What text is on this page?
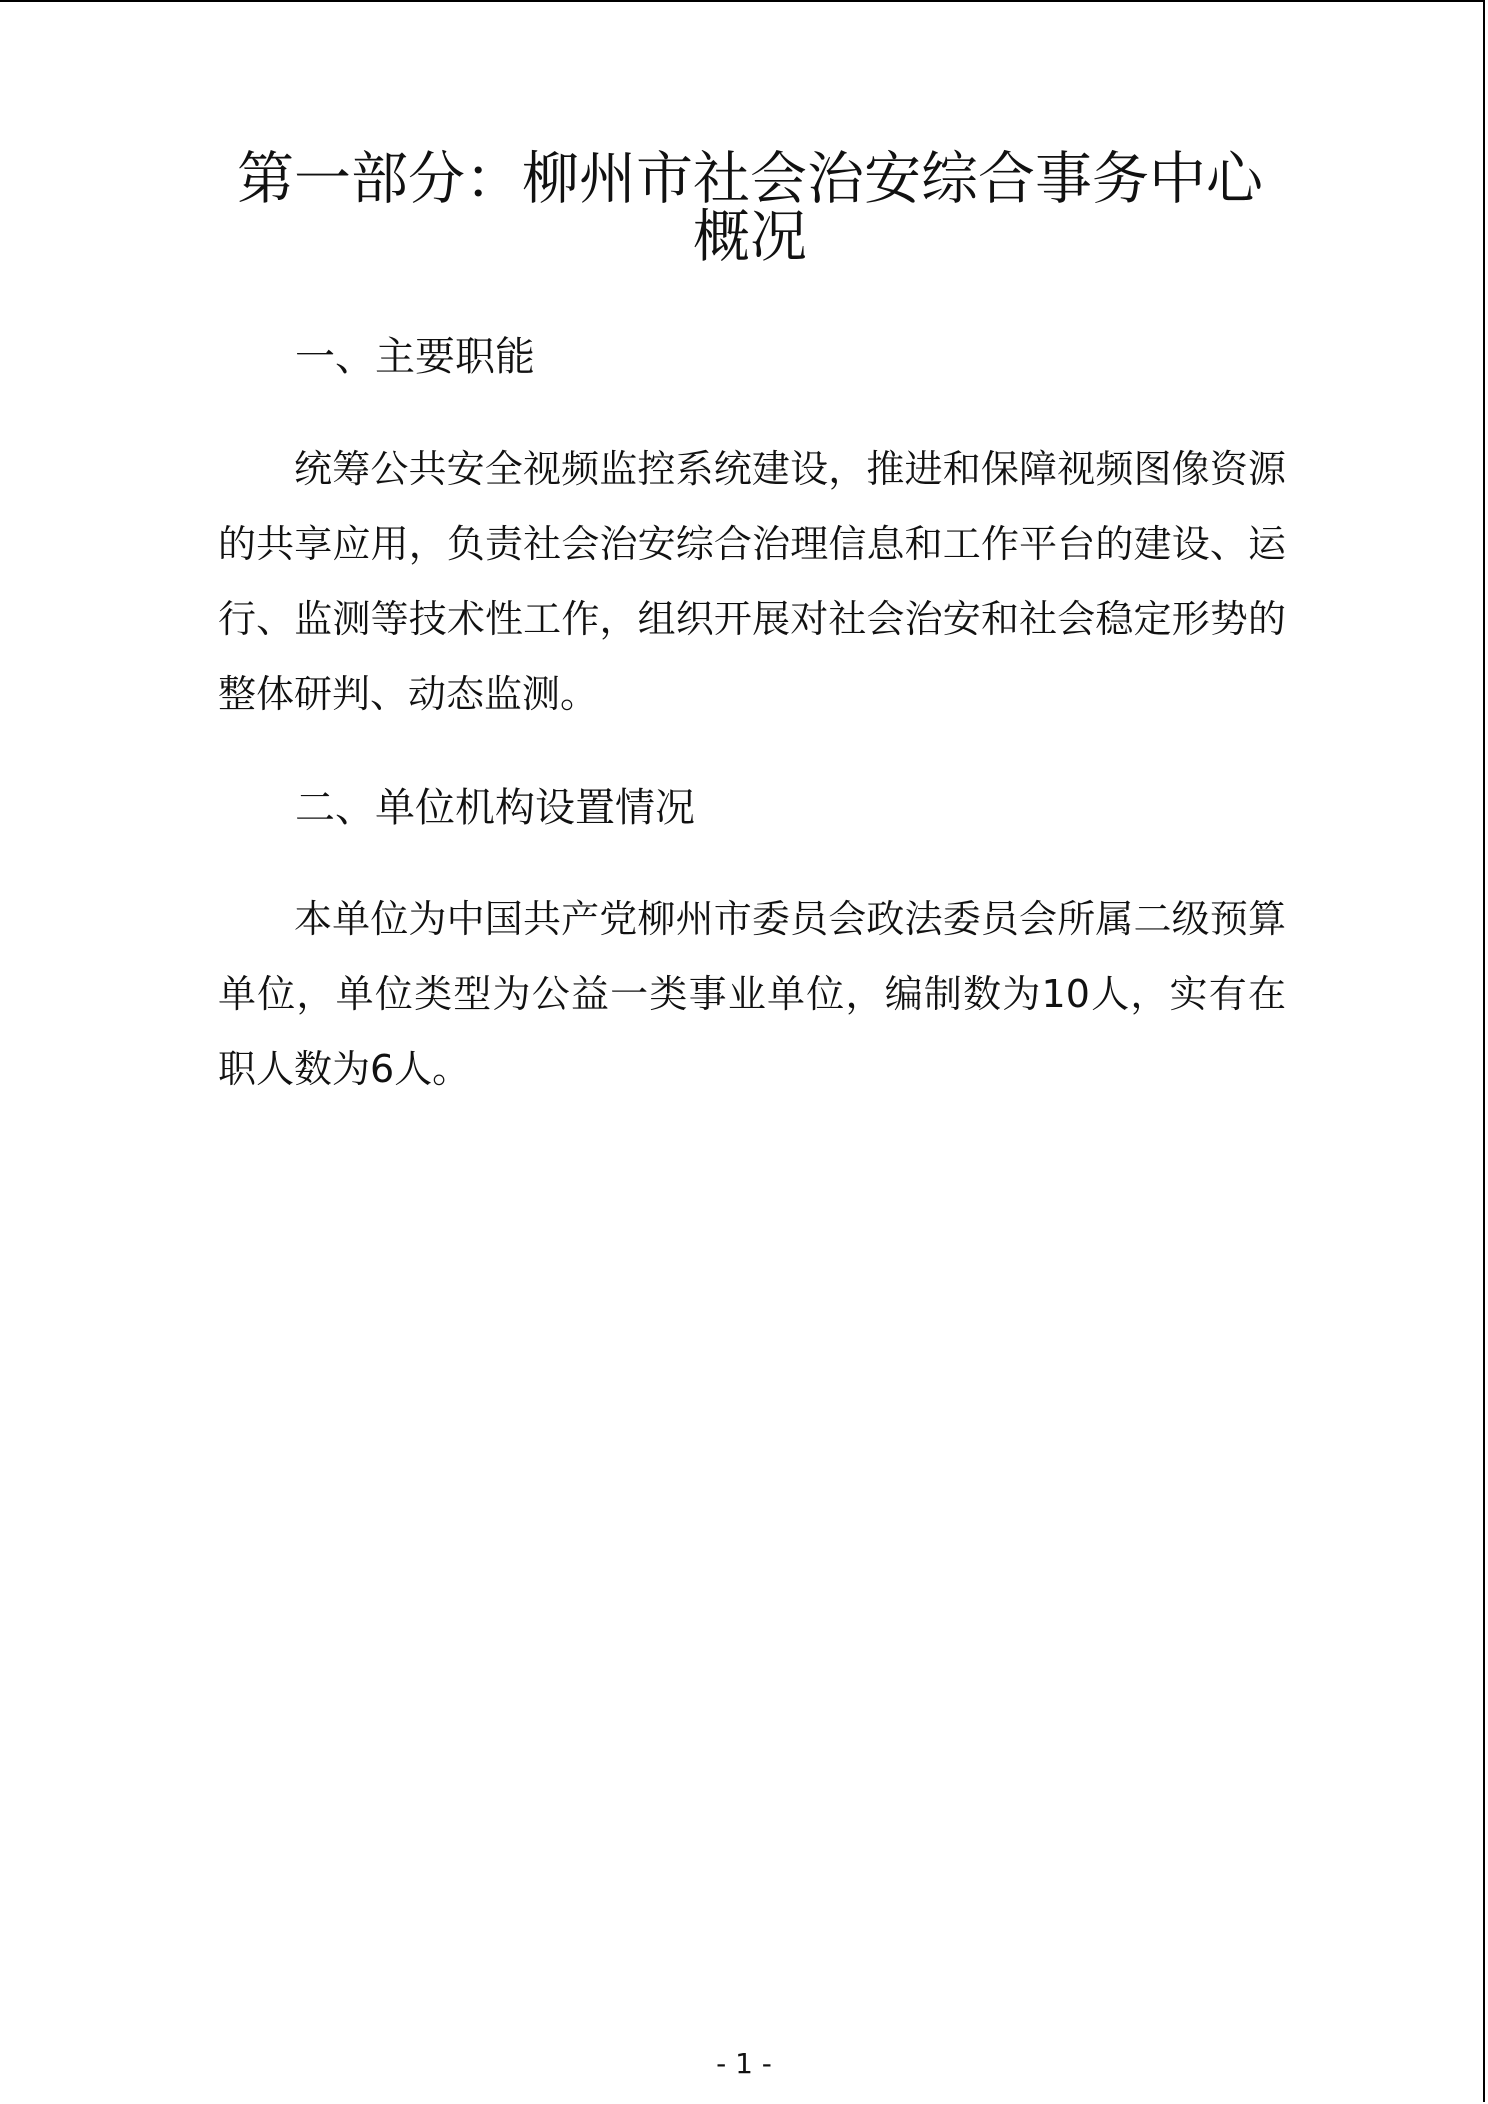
第一部分：柳州市社会治安综合事务中心概况
一、主要职能

统筹公共安全视频监控系统建设，推进和保障视频图像资源的共享应用，负责社会治安综合治理信息和工作平台的建设、运行、监测等技术性工作，组织开展对社会治安和社会稳定形势的整体研判、动态监测。

二、单位机构设置情况

本单位为中国共产党柳州市委员会政法委员会所属二级预算单位，单位类型为公益一类事业单位，编制数为10人，实有在职人数为6人。

- 1 -
